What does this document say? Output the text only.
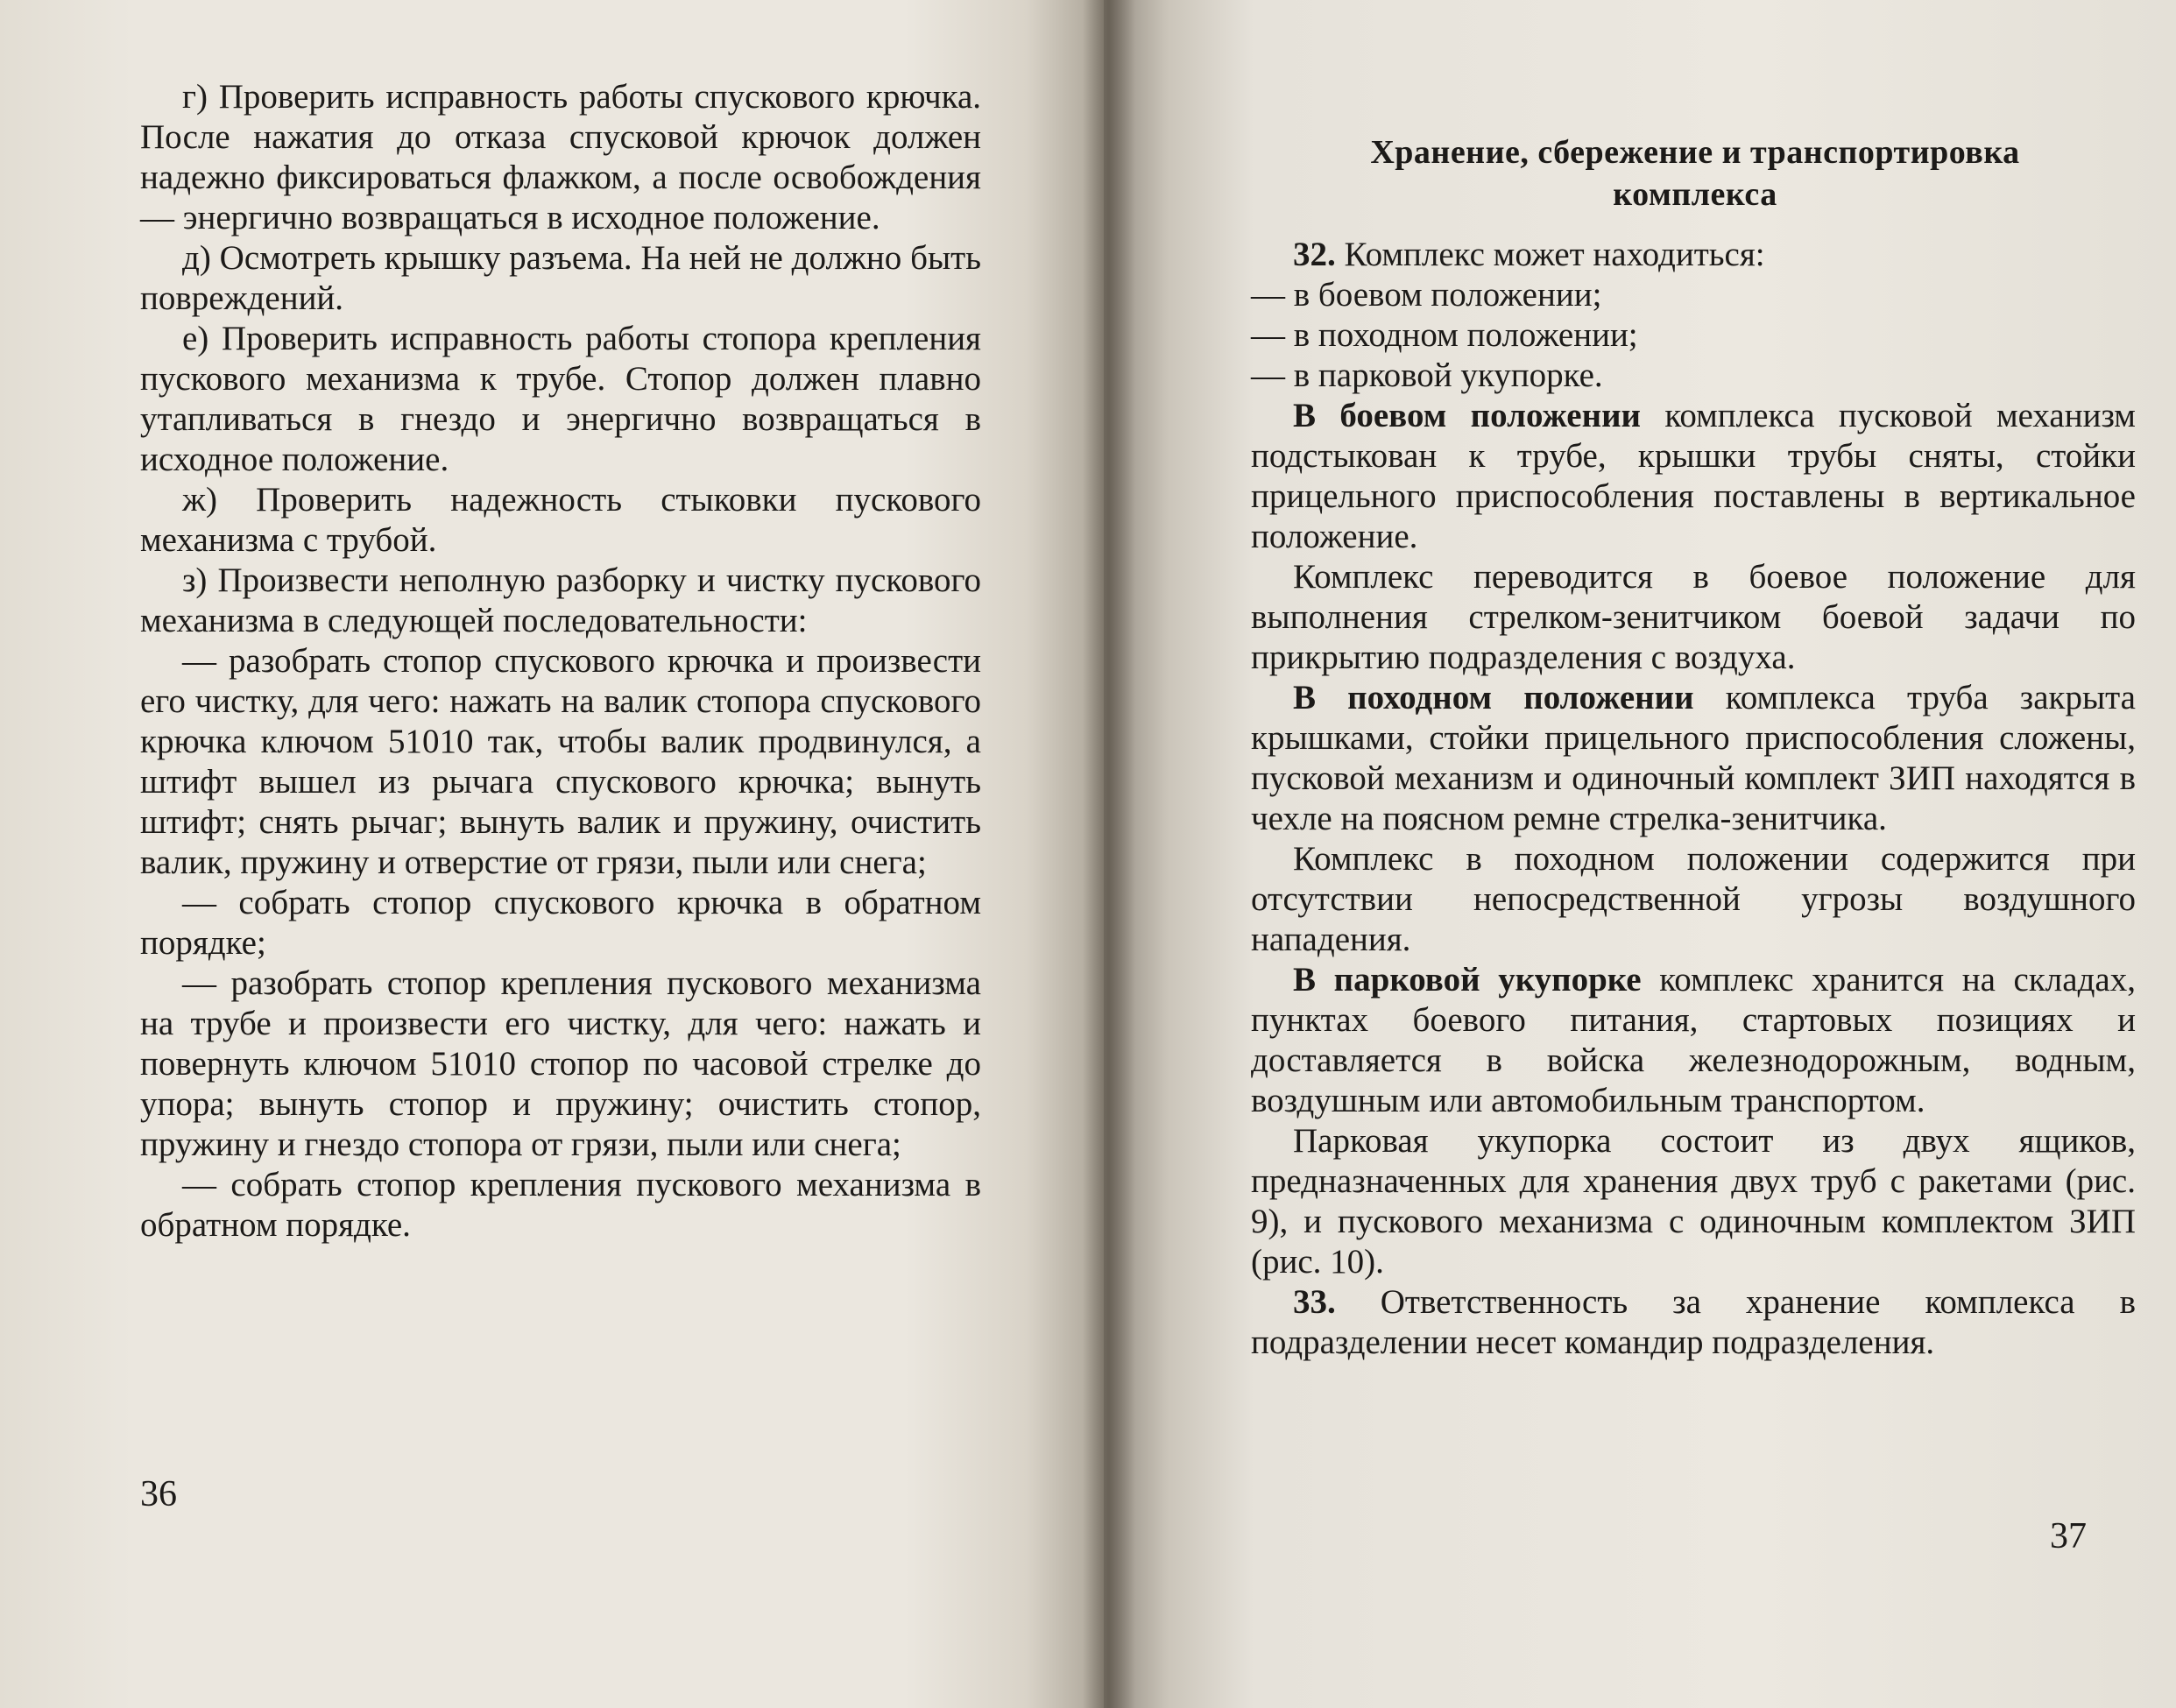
г) Проверить исправность работы спускового крючка. После нажатия до отказа спусковой крючок должен надежно фиксироваться флажком, а после освобождения — энергично возвращаться в исходное положение.

д) Осмотреть крышку разъема. На ней не должно быть повреждений.

е) Проверить исправность работы стопора крепления пускового механизма к трубе. Стопор должен плавно утапливаться в гнездо и энергично возвращаться в исходное положение.

ж) Проверить надежность стыковки пускового механизма с трубой.

з) Произвести неполную разборку и чистку пускового механизма в следующей последовательности:

— разобрать стопор спускового крючка и произвести его чистку, для чего: нажать на валик стопора спускового крючка ключом 51010 так, чтобы валик продвинулся, а штифт вышел из рычага спускового крючка; вынуть штифт; снять рычаг; вынуть валик и пружину, очистить валик, пружину и отверстие от грязи, пыли или снега;

— собрать стопор спускового крючка в обратном порядке;

— разобрать стопор крепления пускового механизма на трубе и произвести его чистку, для чего: нажать и повернуть ключом 51010 стопор по часовой стрелке до упора; вынуть стопор и пружину; очистить стопор, пружину и гнездо стопора от грязи, пыли или снега;

— собрать стопор крепления пускового механизма в обратном порядке.

36
Хранение, сбережение и транспортировка
комплекса

32. Комплекс может находиться:

— в боевом положении;

— в походном положении;

— в парковой укупорке.

В боевом положении комплекса пусковой механизм подстыкован к трубе, крышки трубы сняты, стойки прицельного приспособления поставлены в вертикальное положение.

Комплекс переводится в боевое положение для выполнения стрелком-зенитчиком боевой задачи по прикрытию подразделения с воздуха.

В походном положении комплекса труба закрыта крышками, стойки прицельного приспособления сложены, пусковой механизм и одиночный комплект ЗИП находятся в чехле на поясном ремне стрелка-зенитчика.

Комплекс в походном положении содержится при отсутствии непосредственной угрозы воздушного нападения.

В парковой укупорке комплекс хранится на складах, пунктах боевого питания, стартовых позициях и доставляется в войска железнодорожным, водным, воздушным или автомобильным транспортом.

Парковая укупорка состоит из двух ящиков, предназначенных для хранения двух труб с ракетами (рис. 9), и пускового механизма с одиночным комплектом ЗИП (рис. 10).

33. Ответственность за хранение комплекса в подразделении несет командир подразделения.

37
